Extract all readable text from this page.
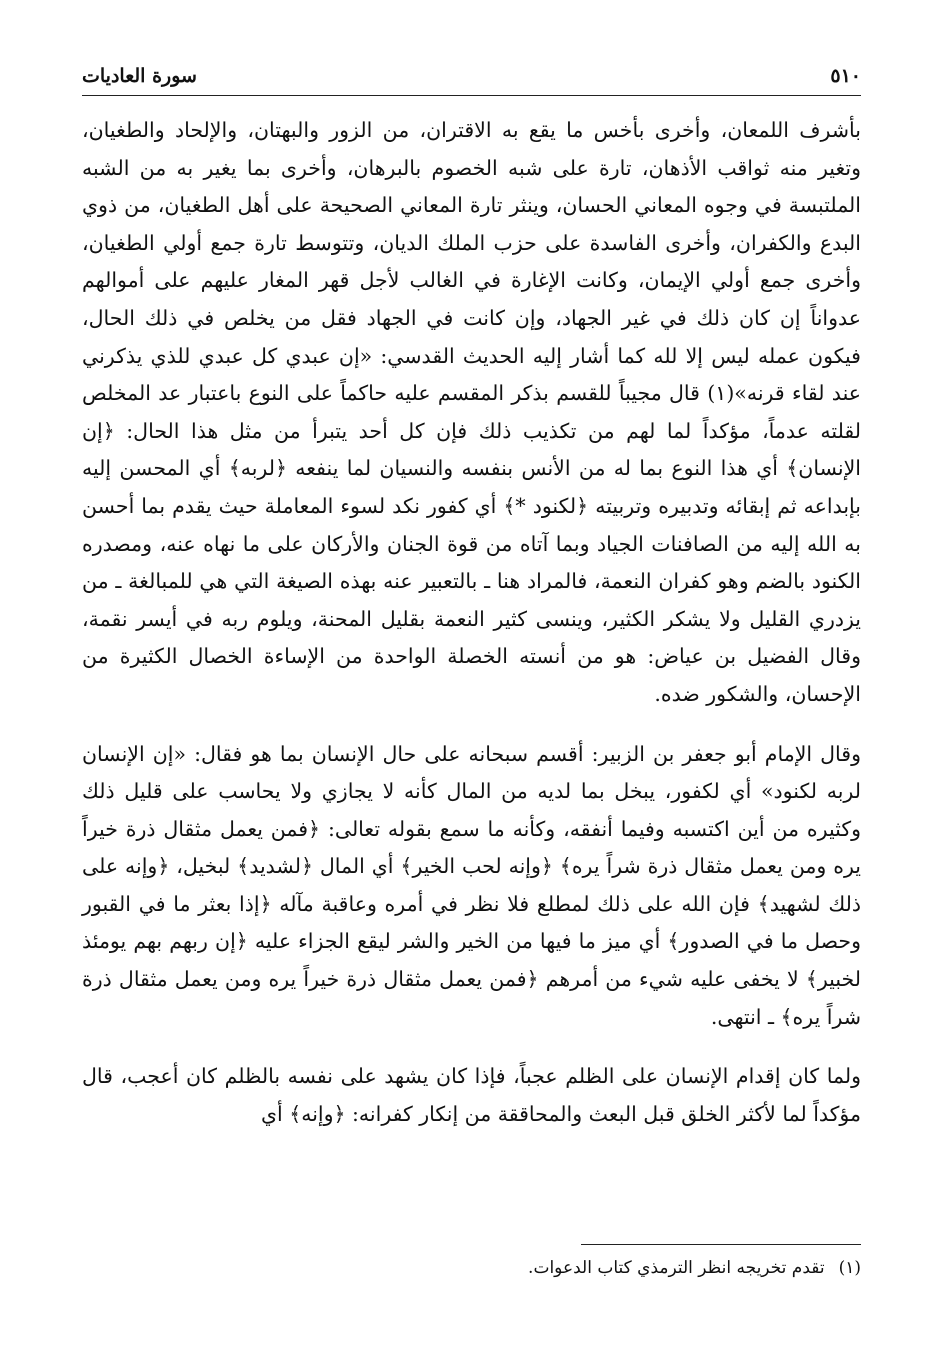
سورة العاديات	٥١٠

بأشرف اللمعان، وأخرى بأخس ما يقع به الاقتران، من الزور والبهتان، والإلحاد والطغيان، وتغير منه ثواقب الأذهان، تارة على شبه الخصوم بالبرهان، وأخرى بما يغير به من الشبه الملتبسة في وجوه المعاني الحسان، وينثر تارة المعاني الصحيحة على أهل الطغيان، من ذوي البدع والكفران، وأخرى الفاسدة على حزب الملك الديان، وتتوسط تارة جمع أولي الطغيان، وأخرى جمع أولي الإيمان، وكانت الإغارة في الغالب لأجل قهر المغار عليهم على أموالهم عدواناً إن كان ذلك في غير الجهاد، وإن كانت في الجهاد فقل من يخلص في ذلك الحال، فيكون عمله ليس إلا لله كما أشار إليه الحديث القدسي: «إن عبدي كل عبدي للذي يذكرني عند لقاء قرنه»(١) قال مجيباً للقسم بذكر المقسم عليه حاكماً على النوع باعتبار عد المخلص لقلته عدماً، مؤكداً لما لهم من تكذيب ذلك فإن كل أحد يتبرأ من مثل هذا الحال: ﴿إن الإنسان﴾ أي هذا النوع بما له من الأنس بنفسه والنسيان لما ينفعه ﴿لربه﴾ أي المحسن إليه بإبداعه ثم إبقائه وتدبيره وتربيته ﴿لكنود *﴾ أي كفور نكد لسوء المعاملة حيث يقدم بما أحسن به الله إليه من الصافنات الجياد وبما آتاه من قوة الجنان والأركان على ما نهاه عنه، ومصدره الكنود بالضم وهو كفران النعمة، فالمراد هنا ـ بالتعبير عنه بهذه الصيغة التي هي للمبالغة ـ من يزدري القليل ولا يشكر الكثير، وينسى كثير النعمة بقليل المحنة، ويلوم ربه في أيسر نقمة، وقال الفضيل بن عياض: هو من أنسته الخصلة الواحدة من الإساءة الخصال الكثيرة من الإحسان، والشكور ضده.

وقال الإمام أبو جعفر بن الزبير: أقسم سبحانه على حال الإنسان بما هو فقال: «إن الإنسان لربه لكنود» أي لكفور، يبخل بما لديه من المال كأنه لا يجازي ولا يحاسب على قليل ذلك وكثيره من أين اكتسبه وفيما أنفقه، وكأنه ما سمع بقوله تعالى: ﴿فمن يعمل مثقال ذرة خيراً يره ومن يعمل مثقال ذرة شراً يره﴾ ﴿وإنه لحب الخير﴾ أي المال ﴿لشديد﴾ لبخيل، ﴿وإنه على ذلك لشهيد﴾ فإن الله على ذلك لمطلع فلا نظر في أمره وعاقبة مآله ﴿إذا بعثر ما في القبور وحصل ما في الصدور﴾ أي ميز ما فيها من الخير والشر ليقع الجزاء عليه ﴿إن ربهم بهم يومئذ لخبير﴾ لا يخفى عليه شيء من أمرهم ﴿فمن يعمل مثقال ذرة خيراً يره ومن يعمل مثقال ذرة شراً يره﴾ ـ انتهى.

ولما كان إقدام الإنسان على الظلم عجباً، فإذا كان يشهد على نفسه بالظلم كان أعجب، قال مؤكداً لما لأكثر الخلق قبل البعث والمحاققة من إنكار كفرانه: ﴿وإنه﴾ أي

(١)تقدم تخريجه انظر الترمذي كتاب الدعوات.
